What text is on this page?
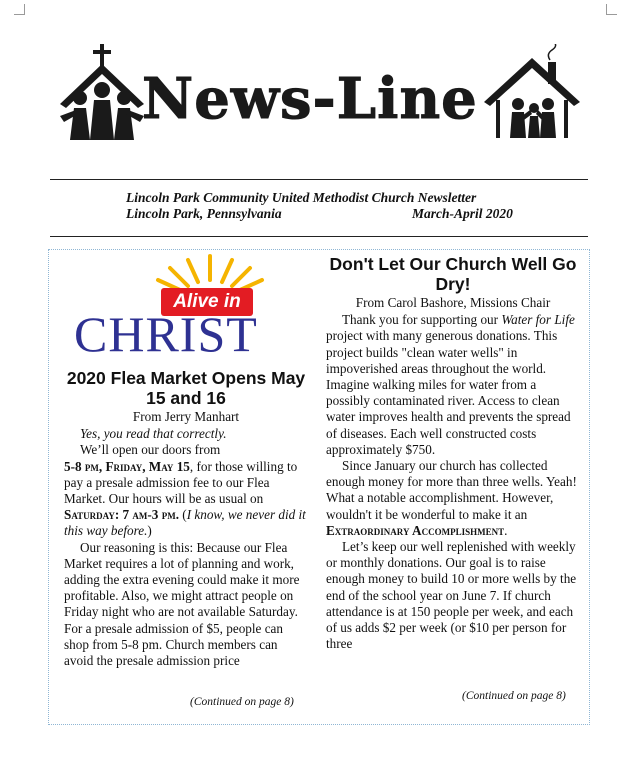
News-Line
Lincoln Park Community United Methodist Church Newsletter
Lincoln Park, Pennsylvania	March-April 2020
Alive in
CHRIST
2020 Flea Market Opens May 15 and 16
From Jerry Manhart

Yes, you read that correctly.

We’ll open our doors from
5-8 pm, Friday, May 15, for those willing to pay a presale admission fee to our Flea Market. Our hours will be as usual on Saturday: 7 am-3 pm. (I know, we never did it this way before.)

Our reasoning is this: Because our Flea Market requires a lot of planning and work, adding the extra evening could make it more profitable. Also, we might attract people on Friday night who are not available Saturday. For a presale admission of $5, people can shop from 5-8 pm. Church members can avoid the presale admission price

(Continued on page 8)
Don't Let Our Church Well Go Dry!
From Carol Bashore, Missions Chair

Thank you for supporting our Water for Life project with many generous donations. This project builds "clean water wells" in impoverished areas throughout the world. Imagine walking miles for water from a possibly contaminated river. Access to clean water improves health and prevents the spread of diseases. Each well constructed costs approximately $750.

Since January our church has collected enough money for more than three wells. Yeah! What a notable accomplishment. However, wouldn't it be wonderful to make it an Extraordinary Accomplishment.

Let’s keep our well replenished with weekly or monthly donations. Our goal is to raise enough money to build 10 or more wells by the end of the school year on June 7. If church attendance is at 150 people per week, and each of us adds $2 per week (or $10 per person for three

(Continued on page 8)
